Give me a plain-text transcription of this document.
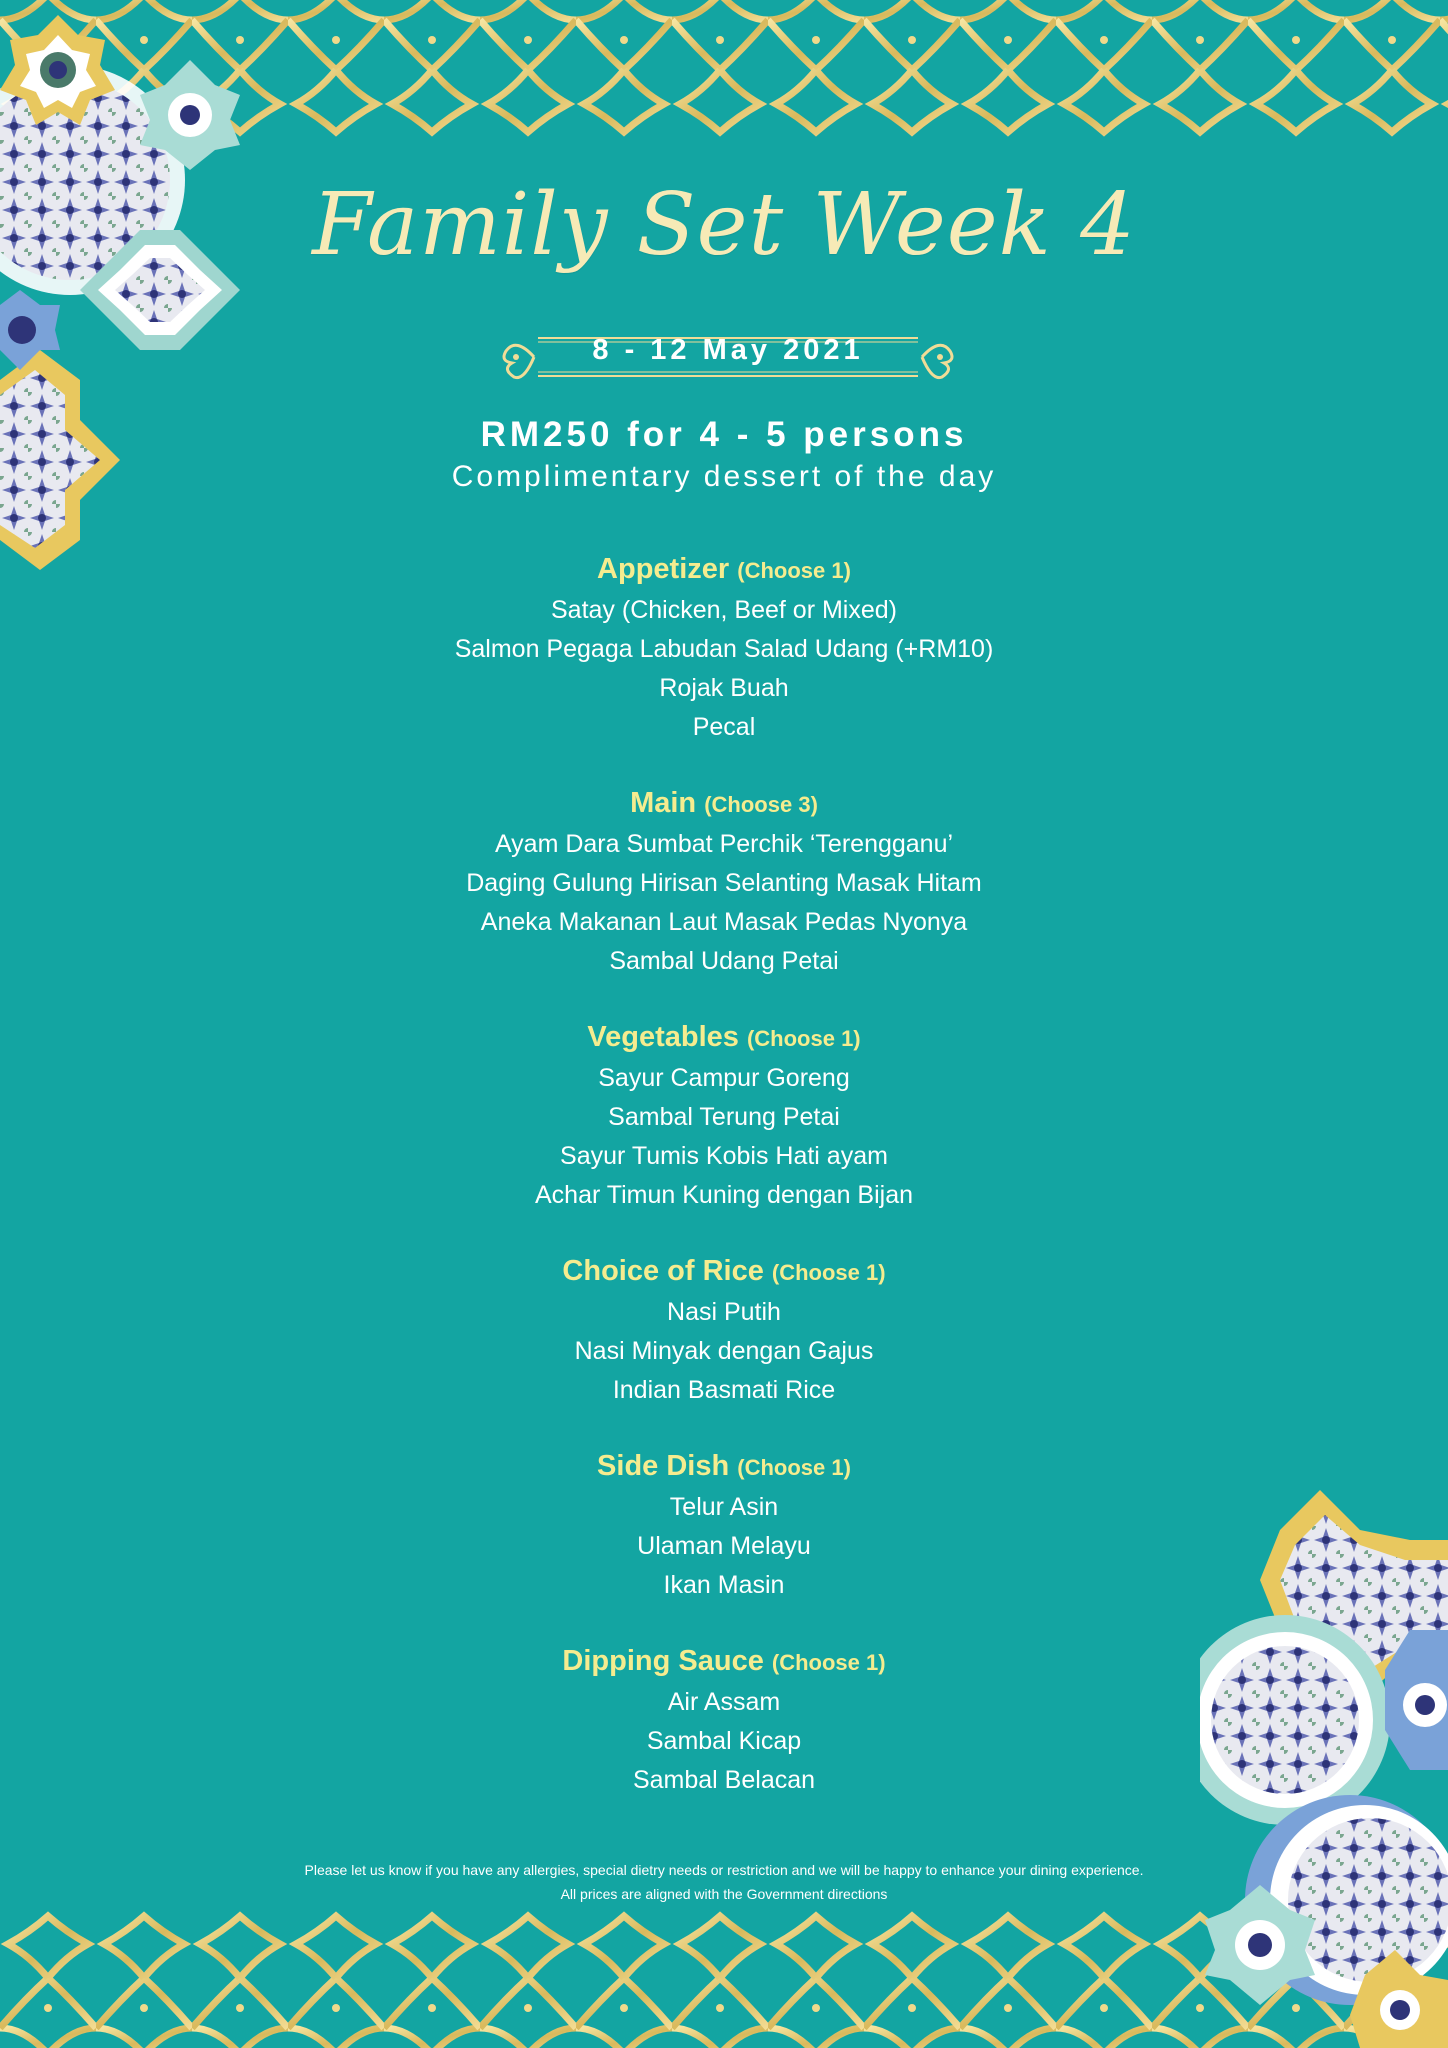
Family Set Week 4
8 - 12 May 2021
RM250 for 4 - 5 persons
Complimentary dessert of the day
Appetizer (Choose 1)
Satay (Chicken, Beef or Mixed)
Salmon Pegaga Labudan Salad Udang (+RM10)
Rojak Buah
Pecal
Main (Choose 3)
Ayam Dara Sumbat Perchik ‘Terengganu’
Daging Gulung Hirisan Selanting Masak Hitam
Aneka Makanan Laut Masak Pedas Nyonya
Sambal Udang Petai
Vegetables (Choose 1)
Sayur Campur Goreng
Sambal Terung Petai
Sayur Tumis Kobis Hati ayam
Achar Timun Kuning dengan Bijan
Choice of Rice (Choose 1)
Nasi Putih
Nasi Minyak dengan Gajus
Indian Basmati Rice
Side Dish (Choose 1)
Telur Asin
Ulaman Melayu
Ikan Masin
Dipping Sauce (Choose 1)
Air Assam
Sambal Kicap
Sambal Belacan
Please let us know if you have any allergies, special dietry needs or restriction and we will be happy to enhance your dining experience.
All prices are aligned with the Government directions
